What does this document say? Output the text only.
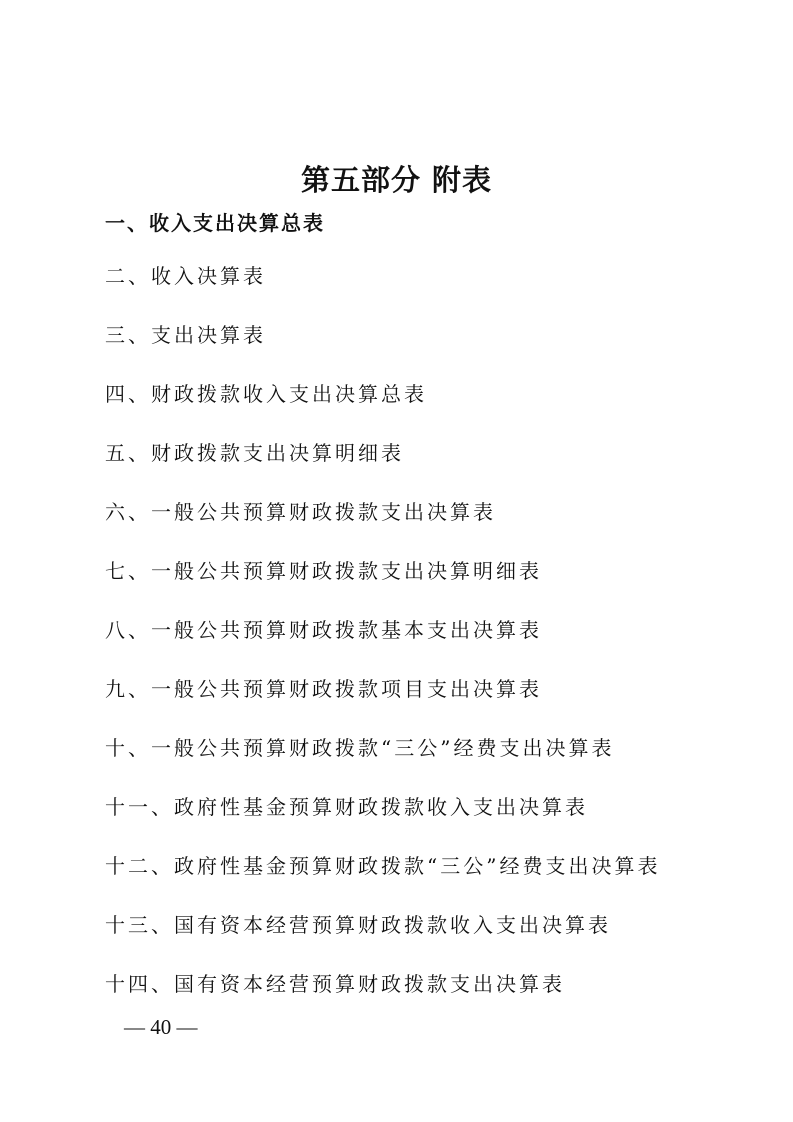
第五部分 附表
一、收入支出决算总表
二、收入决算表
三、支出决算表
四、财政拨款收入支出决算总表
五、财政拨款支出决算明细表
六、一般公共预算财政拨款支出决算表
七、一般公共预算财政拨款支出决算明细表
八、一般公共预算财政拨款基本支出决算表
九、一般公共预算财政拨款项目支出决算表
十、一般公共预算财政拨款“三公”经费支出决算表
十一、政府性基金预算财政拨款收入支出决算表
十二、政府性基金预算财政拨款“三公”经费支出决算表
十三、国有资本经营预算财政拨款收入支出决算表
十四、国有资本经营预算财政拨款支出决算表
— 40 —
